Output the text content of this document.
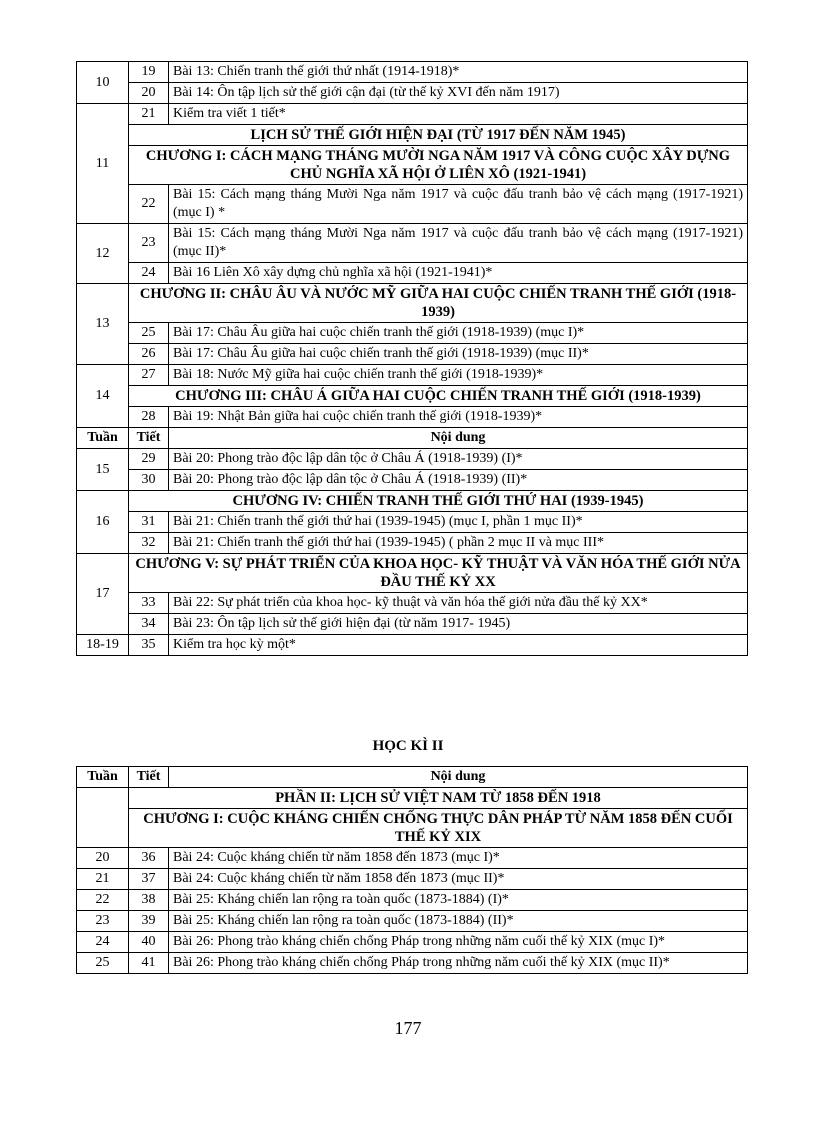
10	19	Bài 13: Chiến tranh thế giới thứ nhất (1914-1918)*
	20	Bài 14: Ôn tập lịch sử thế giới cận đại (từ thế kỷ XVI đến năm 1917)
11	21	Kiểm tra viết 1 tiết*
	LỊCH SỬ THẾ GIỚI HIỆN ĐẠI (TỪ 1917 ĐẾN NĂM 1945)	
	CHƯƠNG I: CÁCH MẠNG THÁNG MƯỜI NGA NĂM 1917 VÀ CÔNG CUỘC XÂY DỰNG CHỦ NGHĨA XÃ HỘI Ở LIÊN XÔ (1921-1941)	
	22	Bài 15: Cách mạng tháng Mười Nga năm 1917 và cuộc đấu tranh bảo vệ cách mạng (1917-1921) (mục I) *
12	23	Bài 15: Cách mạng tháng Mười Nga năm 1917 và cuộc đấu tranh bảo vệ cách mạng (1917-1921) (mục II)*
	24	Bài 16 Liên Xô xây dựng chủ nghĩa xã hội (1921-1941)*
13	CHƯƠNG II: CHÂU ÂU VÀ NƯỚC MỸ GIỮA HAI CUỘC CHIẾN TRANH THẾ GIỚI (1918-1939)	
	25	Bài 17: Châu Âu giữa hai cuộc chiến tranh thế giới (1918-1939) (mục I)*
	26	Bài 17: Châu Âu giữa hai cuộc chiến tranh thế giới (1918-1939) (mục II)*
14	27	Bài 18: Nước Mỹ giữa hai cuộc chiến tranh thế giới (1918-1939)*
	CHƯƠNG III: CHÂU Á GIỮA HAI CUỘC CHIẾN TRANH THẾ GIỚI (1918-1939)	
	28	Bài 19: Nhật Bản giữa hai cuộc chiến tranh thế giới (1918-1939)*
Tuần	Tiết	Nội dung
15	29	Bài 20: Phong trào độc lập dân tộc ở Châu Á (1918-1939) (I)*
	30	Bài 20: Phong trào độc lập dân tộc ở Châu Á (1918-1939) (II)*
16	CHƯƠNG IV: CHIẾN TRANH THẾ GIỚI THỨ HAI (1939-1945)	
	31	Bài 21: Chiến tranh thế giới thứ hai (1939-1945) (mục I, phần 1 mục II)*
	32	Bài 21: Chiến tranh thế giới thứ hai (1939-1945) ( phần 2 mục II và mục III*
17	CHƯƠNG V: SỰ PHÁT TRIỂN CỦA KHOA HỌC- KỸ THUẬT VÀ VĂN HÓA THẾ GIỚI NỬA ĐẦU THẾ KỶ XX	
	33	Bài 22: Sự phát triển của khoa học- kỹ thuật và văn hóa thế giới nửa đầu thế kỷ XX*
	34	Bài 23: Ôn tập lịch sử thế giới hiện đại (từ năm 1917- 1945)
18-19	35	Kiểm tra học kỳ một*
HỌC KÌ II
Tuần	Tiết	Nội dung
	PHẦN II: LỊCH SỬ VIỆT NAM TỪ 1858 ĐẾN 1918	
	CHƯƠNG I: CUỘC KHÁNG CHIẾN CHỐNG THỰC DÂN PHÁP TỪ NĂM 1858 ĐẾN CUỐI THẾ KỶ XIX	
20	36	Bài 24: Cuộc kháng chiến từ năm 1858 đến 1873 (mục I)*
21	37	Bài 24: Cuộc kháng chiến từ năm 1858 đến 1873 (mục II)*
22	38	Bài 25: Kháng chiến lan rộng ra toàn quốc (1873-1884) (I)*
23	39	Bài 25: Kháng chiến lan rộng ra toàn quốc (1873-1884) (II)*
24	40	Bài 26: Phong trào kháng chiến chống Pháp trong những năm cuối thế kỷ XIX (mục I)*
25	41	Bài 26: Phong trào kháng chiến chống Pháp trong những năm cuối thế kỷ XIX (mục II)*
177
